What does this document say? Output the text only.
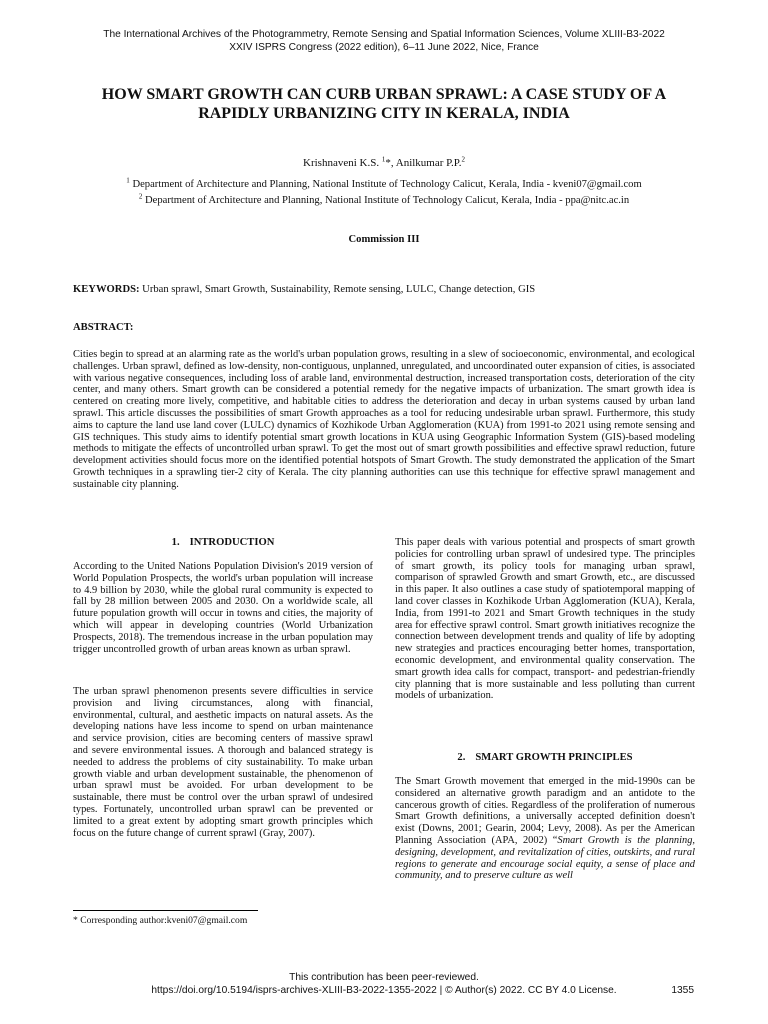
The International Archives of the Photogrammetry, Remote Sensing and Spatial Information Sciences, Volume XLIII-B3-2022
XXIV ISPRS Congress (2022 edition), 6–11 June 2022, Nice, France
HOW SMART GROWTH CAN CURB URBAN SPRAWL: A CASE STUDY OF A RAPIDLY URBANIZING CITY IN KERALA, INDIA
Krishnaveni K.S. $^1$*, Anilkumar P.P.$^2$
$^1$ Department of Architecture and Planning, National Institute of Technology Calicut, Kerala, India - kveni07@gmail.com
$^2$ Department of Architecture and Planning, National Institute of Technology Calicut, Kerala, India - ppa@nitc.ac.in
Commission III
KEYWORDS: Urban sprawl, Smart Growth, Sustainability, Remote sensing, LULC, Change detection, GIS
ABSTRACT:
Cities begin to spread at an alarming rate as the world's urban population grows, resulting in a slew of socioeconomic, environmental, and ecological challenges. Urban sprawl, defined as low-density, non-contiguous, unplanned, unregulated, and uncoordinated outer expansion of cities, is associated with various negative consequences, including loss of arable land, environmental destruction, increased transportation costs, deterioration of the city center, and many others. Smart growth can be considered a potential remedy for the negative impacts of urbanization. The smart growth idea is centered on creating more lively, competitive, and habitable cities to address the deterioration and decay in urban systems caused by urban land sprawl. This article discusses the possibilities of smart Growth approaches as a tool for reducing undesirable urban sprawl. Furthermore, this study aims to capture the land use land cover (LULC) dynamics of Kozhikode Urban Agglomeration (KUA) from 1991-to 2021 using remote sensing and GIS techniques. This study aims to identify potential smart growth locations in KUA using Geographic Information System (GIS)-based modeling methods to mitigate the effects of uncontrolled urban sprawl. To get the most out of smart growth possibilities and effective sprawl reduction, future development activities should focus more on the identified potential hotspots of Smart Growth. The study demonstrated the application of the Smart Growth techniques in a sprawling tier-2 city of Kerala. The city planning authorities can use this technique for effective sprawl management and sustainable city planning.
1. INTRODUCTION

According to the United Nations Population Division's 2019 version of World Population Prospects, the world's urban population will increase to 4.9 billion by 2030, while the global rural community is expected to fall by 28 million between 2005 and 2030. On a worldwide scale, all future population growth will occur in towns and cities, the majority of which will appear in developing countries (World Urbanization Prospects, 2018). The tremendous increase in the urban population may trigger uncontrolled growth of urban areas known as urban sprawl.

The urban sprawl phenomenon presents severe difficulties in service provision and living circumstances, along with financial, environmental, cultural, and aesthetic impacts on natural assets. As the developing nations have less income to spend on urban maintenance and service provision, cities are becoming centers of massive sprawl and severe environmental issues. A thorough and balanced strategy is needed to address the problems of city sustainability. To make urban growth viable and urban development sustainable, the phenomenon of urban sprawl must be avoided. For urban development to be sustainable, there must be control over the urban sprawl of undesired types. Fortunately, uncontrolled urban sprawl can be prevented or limited to a great extent by adopting smart growth principles which focus on the future change of current sprawl (Gray, 2007).

This paper deals with various potential and prospects of smart growth policies for controlling urban sprawl of undesired type. The principles of smart growth, its policy tools for managing urban sprawl, comparison of sprawled Growth and smart Growth, etc., are discussed in this paper. It also outlines a case study of spatiotemporal mapping of land cover classes in Kozhikode Urban Agglomeration (KUA), Kerala, India, from 1991-to 2021 and Smart Growth techniques in the study area for effective sprawl control. Smart growth initiatives recognize the connection between development trends and quality of life by adopting new strategies and practices encouraging better homes, transportation, economic development, and environmental quality conservation. The smart growth idea calls for compact, transport- and pedestrian-friendly city planning that is more sustainable and less polluting than current models of urbanization.

2. SMART GROWTH PRINCIPLES

The Smart Growth movement that emerged in the mid-1990s can be considered an alternative growth paradigm and an antidote to the cancerous growth of cities. Regardless of the proliferation of numerous Smart Growth definitions, a universally accepted definition doesn't exist (Downs, 2001; Gearin, 2004; Levy, 2008). As per the American Planning Association (APA, 2002) “Smart Growth is the planning, designing, development, and revitalization of cities, outskirts, and rural regions to generate and encourage social equity, a sense of place and community, and to preserve culture as well

* Corresponding author:kveni07@gmail.com
This contribution has been peer-reviewed.
https://doi.org/10.5194/isprs-archives-XLIII-B3-2022-1355-2022 | © Author(s) 2022. CC BY 4.0 License.	1355
